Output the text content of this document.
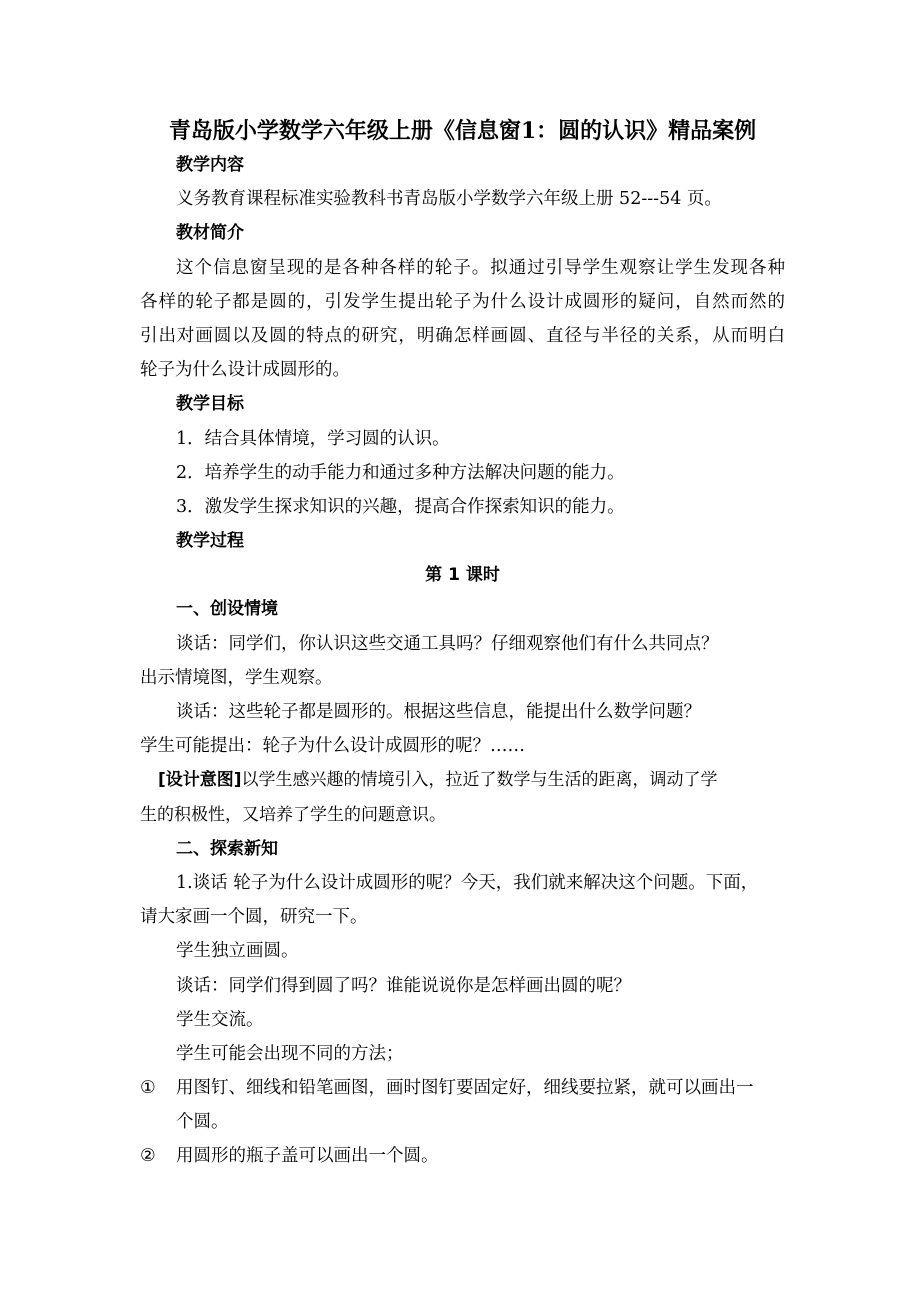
青岛版小学数学六年级上册《信息窗1：圆的认识》精品案例
教学内容
义务教育课程标准实验教科书青岛版小学数学六年级上册 52---54 页。
教材简介
这个信息窗呈现的是各种各样的轮子。拟通过引导学生观察让学生发现各种
各样的轮子都是圆的，引发学生提出轮子为什么设计成圆形的疑问，自然而然的
引出对画圆以及圆的特点的研究，明确怎样画圆、直径与半径的关系，从而明白
轮子为什么设计成圆形的。
教学目标
1．结合具体情境，学习圆的认识。
2．培养学生的动手能力和通过多种方法解决问题的能力。
3．激发学生探求知识的兴趣，提高合作探索知识的能力。
教学过程
第 1 课时
一、创设情境
谈话：同学们，你认识这些交通工具吗？仔细观察他们有什么共同点？
出示情境图，学生观察。
谈话：这些轮子都是圆形的。根据这些信息，能提出什么数学问题？
学生可能提出：轮子为什么设计成圆形的呢？……
[设计意图]以学生感兴趣的情境引入，拉近了数学与生活的距离，调动了学
生的积极性，又培养了学生的问题意识。
二、探索新知
1.谈话 轮子为什么设计成圆形的呢？今天，我们就来解决这个问题。下面，
请大家画一个圆，研究一下。
学生独立画圆。
谈话：同学们得到圆了吗？谁能说说你是怎样画出圆的呢？
学生交流。
学生可能会出现不同的方法；
① 用图钉、细线和铅笔画图，画时图钉要固定好，细线要拉紧，就可以画出一
个圆。
② 用圆形的瓶子盖可以画出一个圆。
